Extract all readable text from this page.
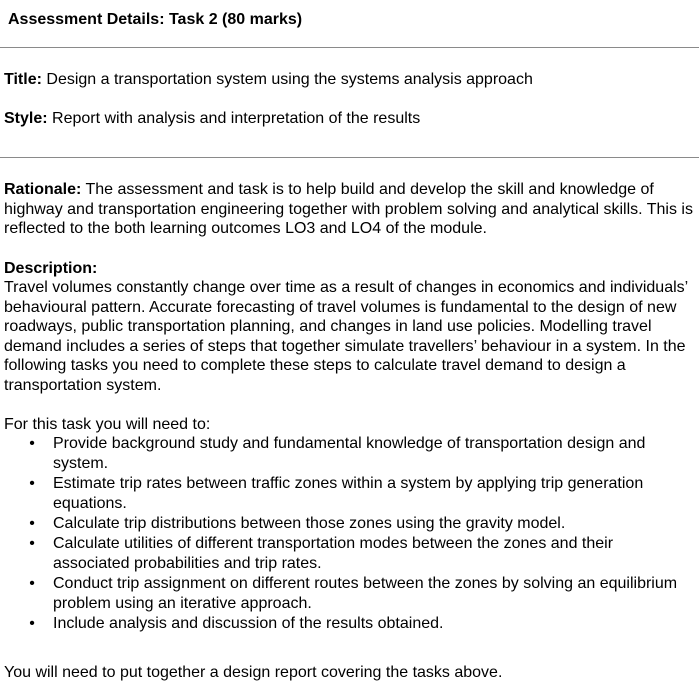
Assessment Details: Task 2 (80 marks)
Title: Design a transportation system using the systems analysis approach
Style: Report with analysis and interpretation of the results
Rationale: The assessment and task is to help build and develop the skill and knowledge of highway and transportation engineering together with problem solving and analytical skills. This is reflected to the both learning outcomes LO3 and LO4 of the module.
Description:
Travel volumes constantly change over time as a result of changes in economics and individuals’ behavioural pattern. Accurate forecasting of travel volumes is fundamental to the design of new roadways, public transportation planning, and changes in land use policies. Modelling travel demand includes a series of steps that together simulate travellers’ behaviour in a system. In the following tasks you need to complete these steps to calculate travel demand to design a transportation system.
For this task you will need to:
• Provide background study and fundamental knowledge of transportation design and system.
• Estimate trip rates between traffic zones within a system by applying trip generation equations.
• Calculate trip distributions between those zones using the gravity model.
• Calculate utilities of different transportation modes between the zones and their associated probabilities and trip rates.
• Conduct trip assignment on different routes between the zones by solving an equilibrium problem using an iterative approach.
• Include analysis and discussion of the results obtained.
You will need to put together a design report covering the tasks above.
